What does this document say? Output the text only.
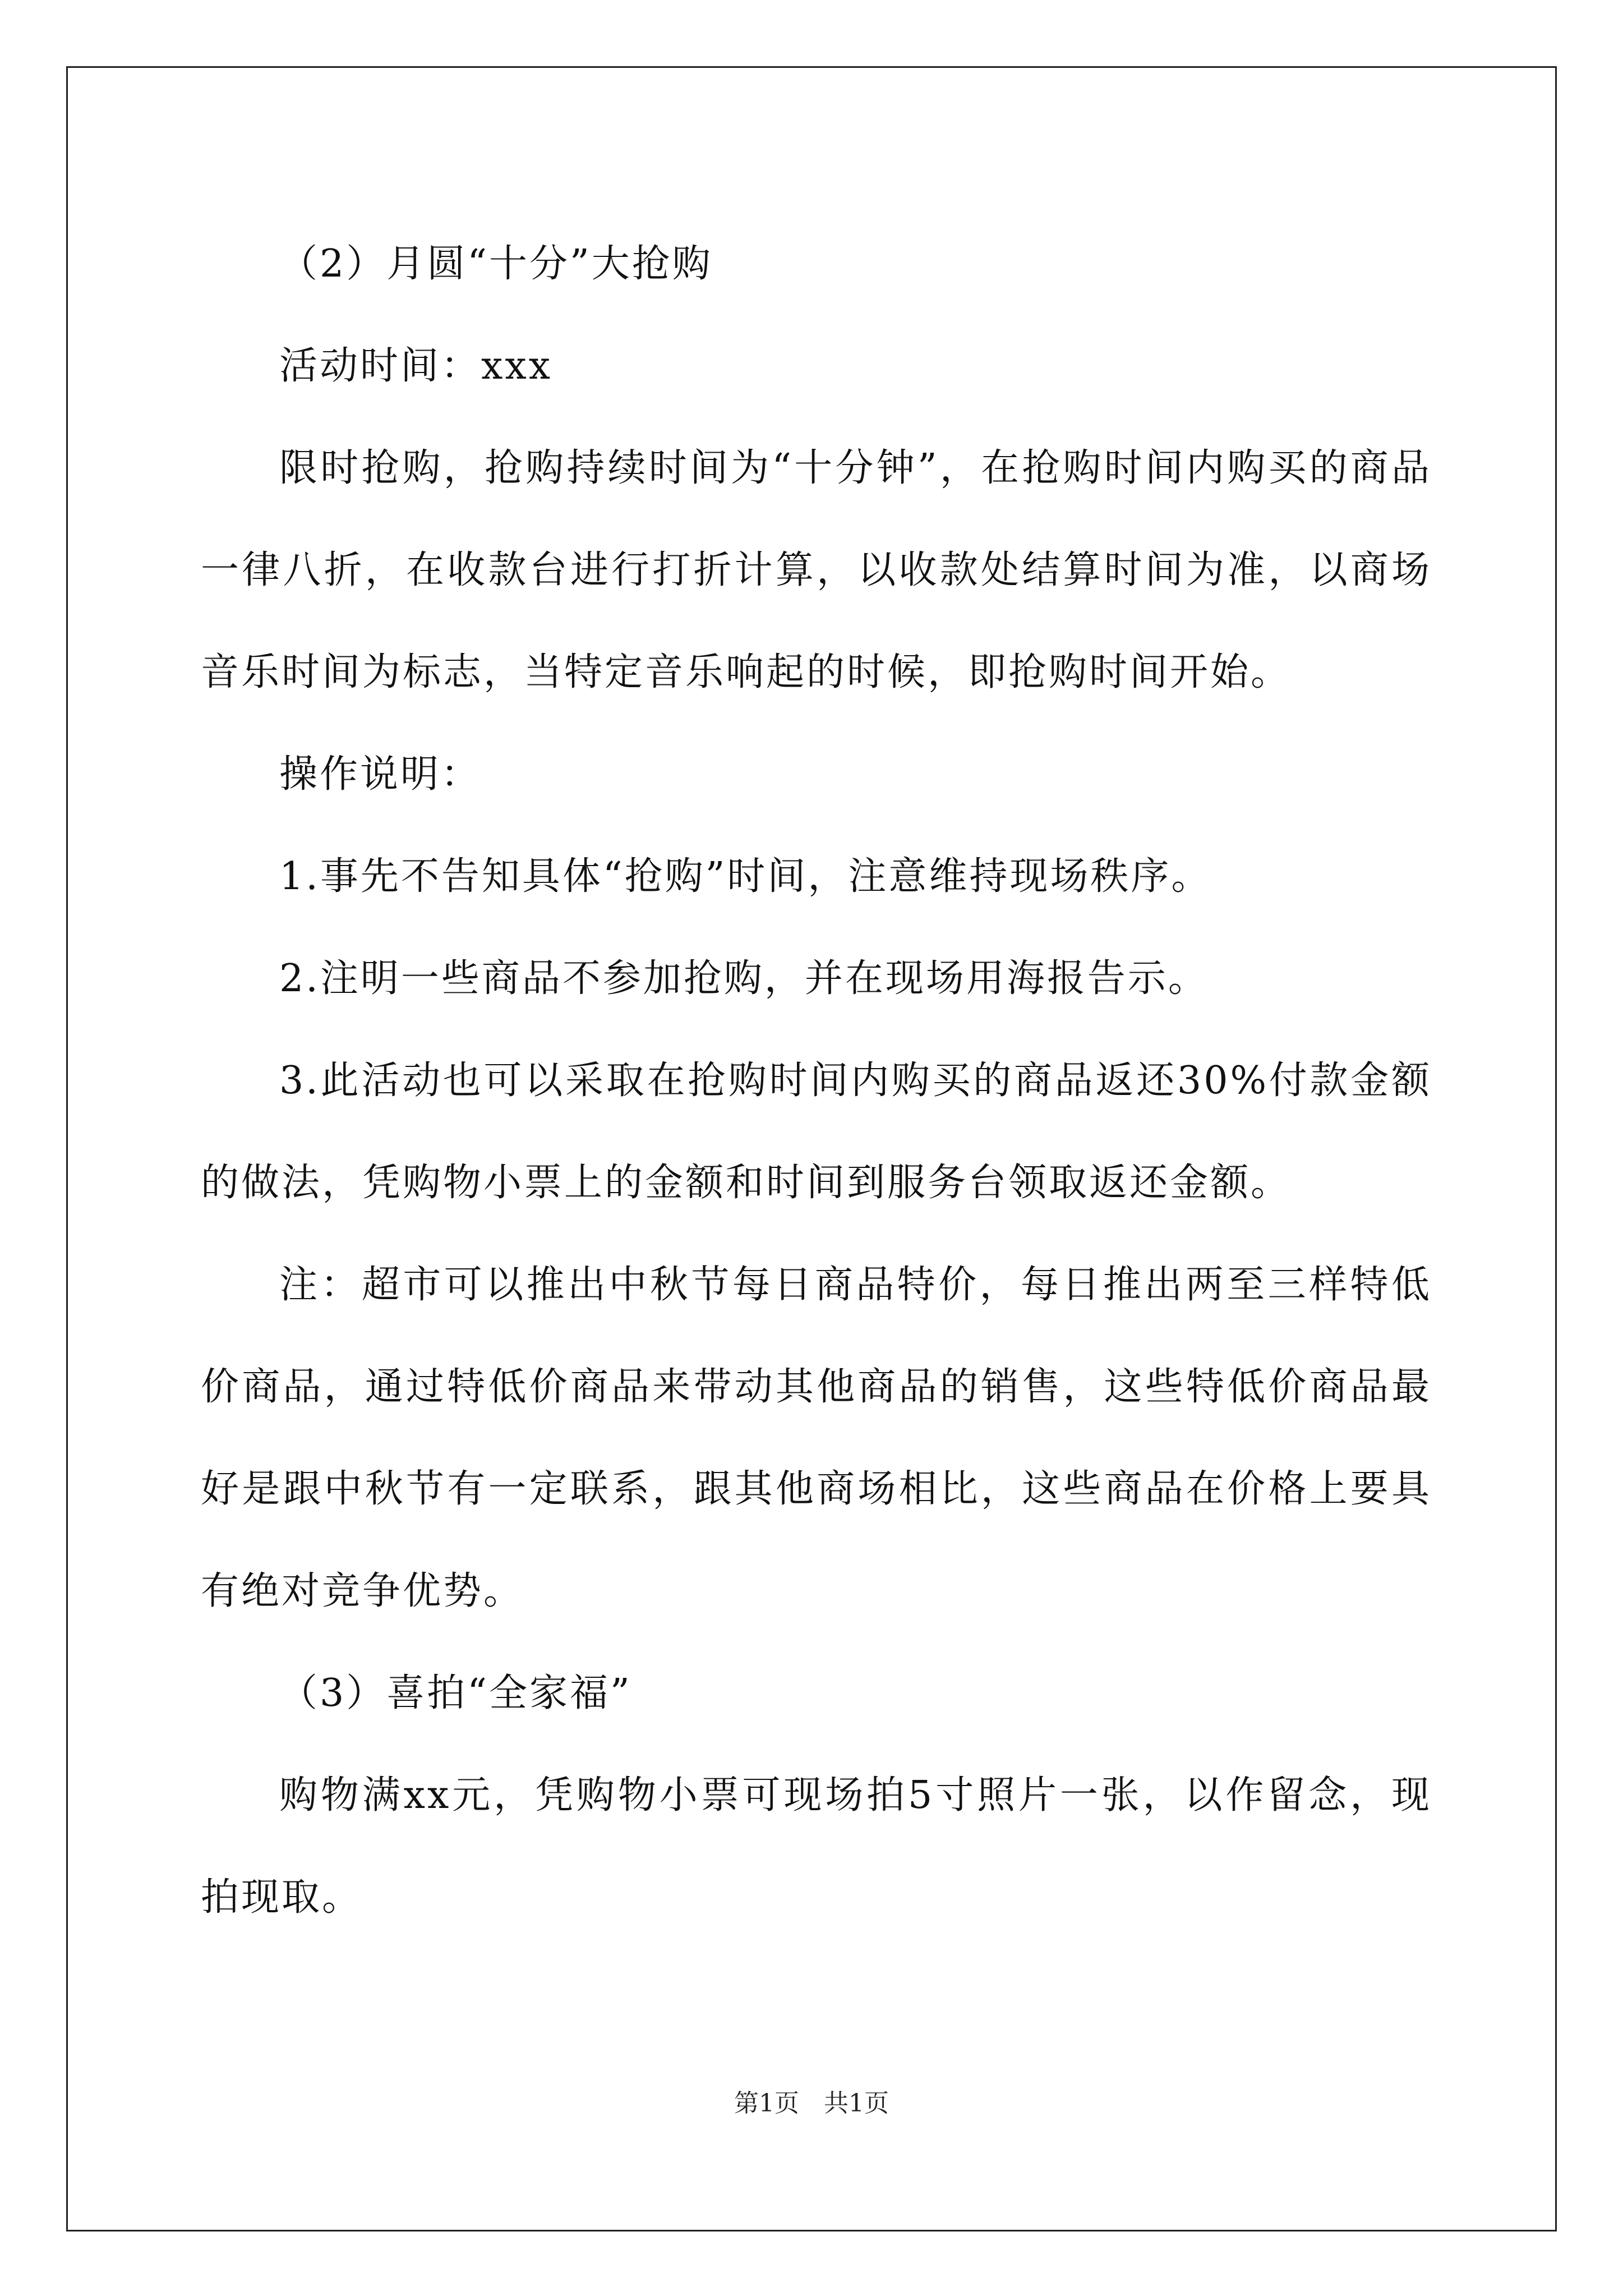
（2）月圆“十分”大抢购

活动时间：xxx

限时抢购，抢购持续时间为“十分钟”，在抢购时间内购买的商品一律八折，在收款台进行打折计算，以收款处结算时间为准，以商场音乐时间为标志，当特定音乐响起的时候，即抢购时间开始。

操作说明：

1.事先不告知具体“抢购”时间，注意维持现场秩序。

2.注明一些商品不参加抢购，并在现场用海报告示。

3.此活动也可以采取在抢购时间内购买的商品返还30%付款金额的做法，凭购物小票上的金额和时间到服务台领取返还金额。

注：超市可以推出中秋节每日商品特价，每日推出两至三样特低价商品，通过特低价商品来带动其他商品的销售，这些特低价商品最好是跟中秋节有一定联系，跟其他商场相比，这些商品在价格上要具有绝对竞争优势。

（3）喜拍“全家福”

购物满xx元，凭购物小票可现场拍5寸照片一张，以作留念，现拍现取。

第1页　共1页
